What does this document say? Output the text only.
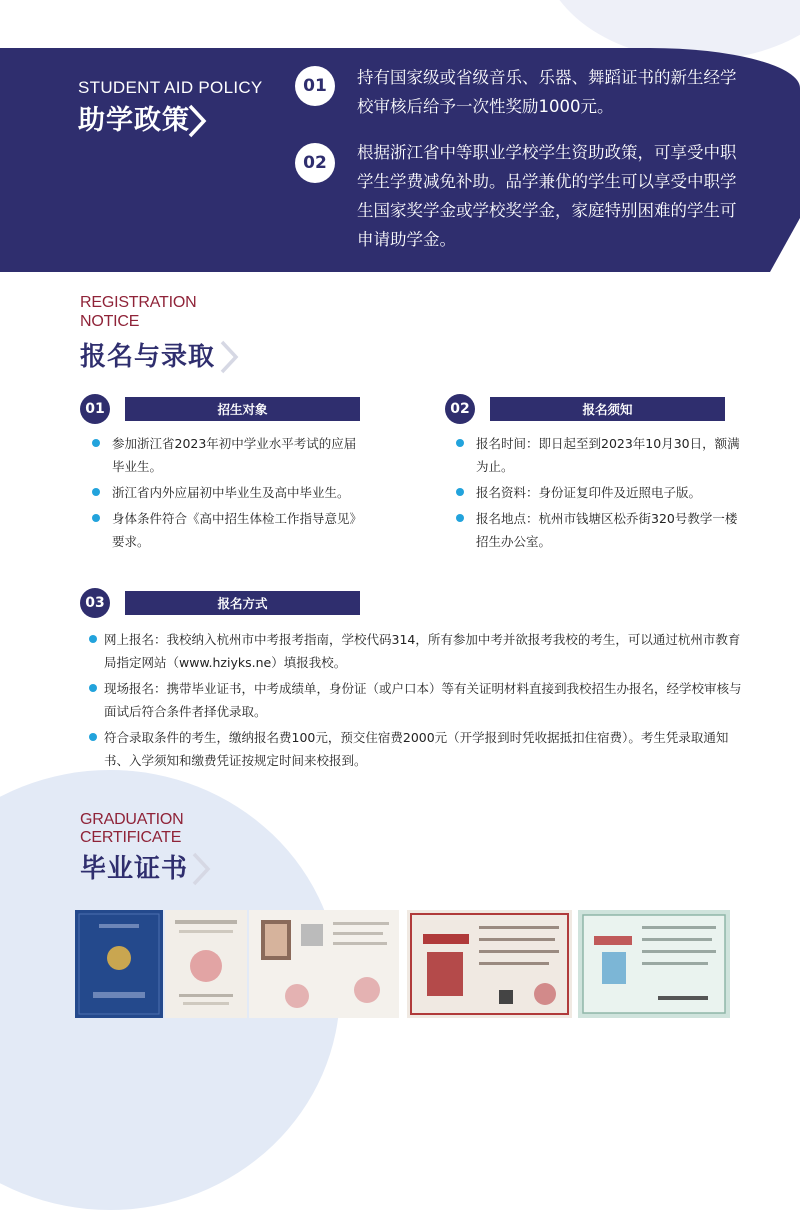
STUDENT AID POLICY
助学政策
01	持有国家级或省级音乐、乐器、舞蹈证书的新生经学校审核后给予一次性奖励1000元。
02
根据浙江省中等职业学校学生资助政策，可享受中职学生学费减免补助。品学兼优的学生可以享受中职学生国家奖学金或学校奖学金，家庭特别困难的学生可申请助学金。
REGISTRATION
NOTICE
报名与录取
01	招生对象
参加浙江省2023年初中学业水平考试的应届毕业生。
浙江省内外应届初中毕业生及高中毕业生。
身体条件符合《高中招生体检工作指导意见》要求。
02	报名须知
报名时间：即日起至到2023年10月30日，额满为止。
报名资料：身份证复印件及近照电子版。
报名地点：杭州市钱塘区松乔街320号教学一楼招生办公室。
03	报名方式

网上报名：我校纳入杭州市中考报考指南，学校代码314，所有参加中考并欲报考我校的考生，可以通过杭州市教育局指定网站（www.hziyks.ne）填报我校。

现场报名：携带毕业证书，中考成绩单，身份证（或户口本）等有关证明材料直接到我校招生办报名，经学校审核与面试后符合条件者择优录取。

符合录取条件的考生，缴纳报名费100元，预交住宿费2000元（开学报到时凭收据抵扣住宿费）。考生凭录取通知书、入学须知和缴费凭证按规定时间来校报到。

GRADUATION
CERTIFICATE
毕业证书
